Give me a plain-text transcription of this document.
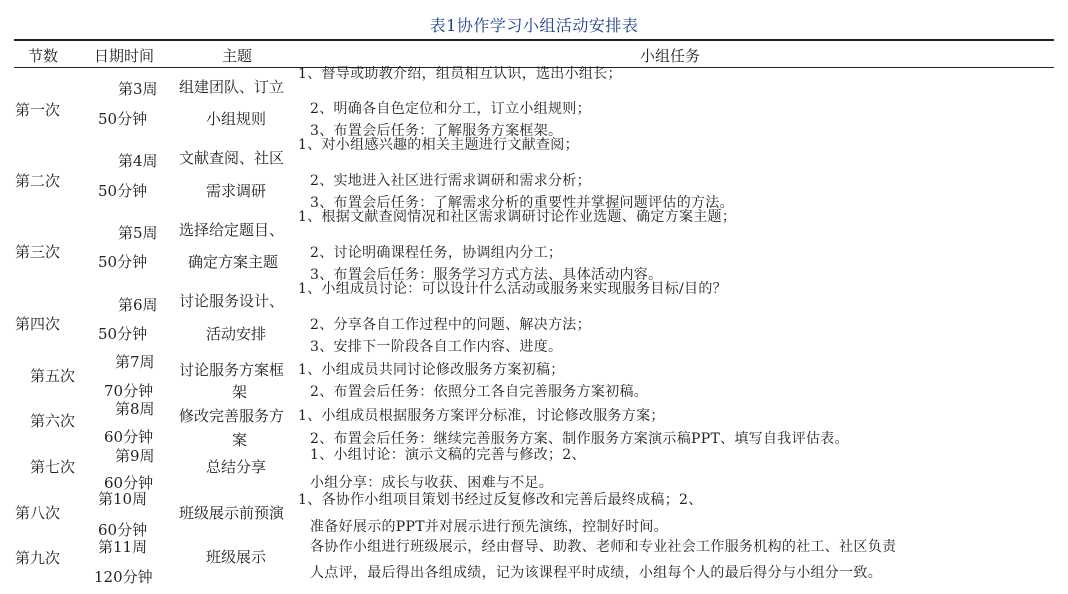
表1协作学习小组活动安排表
节数 日期时间	主题	小组任务
第一次
第3周
50分钟
组建团队、订立
小组规则
1、督导或助教介绍，组员相互认识，选出小组长；
2、明确各自色定位和分工，订立小组规则；
3、布置会后任务：了解服务方案框架。
第二次
第4周
50分钟
文献查阅、社区
需求调研
1、对小组感兴趣的相关主题进行文献查阅；
2、实地进入社区进行需求调研和需求分析；
3、布置会后任务：了解需求分析的重要性并掌握问题评估的方法。
第三次
第5周
50分钟
选择给定题目、
确定方案主题
1、根据文献查阅情况和社区需求调研讨论作业选题、确定方案主题；
2、讨论明确课程任务，协调组内分工；
3、布置会后任务：服务学习方式方法、具体活动内容。
第四次
第6周
50分钟
讨论服务设计、
活动安排
1、小组成员讨论：可以设计什么活动或服务来实现服务目标/目的？
2、分享各自工作过程中的问题、解决方法；
3、安排下一阶段各自工作内容、进度。
第五次
第7周
70分钟
讨论服务方案框
架
1、小组成员共同讨论修改服务方案初稿；
2、布置会后任务：依照分工各自完善服务方案初稿。
第六次
第8周
60分钟
修改完善服务方
案
1、小组成员根据服务方案评分标准，讨论修改服务方案；
2、布置会后任务：继续完善服务方案、制作服务方案演示稿PPT、填写自我评估表。
第七次
第9周
60分钟
总结分享
1、小组讨论：演示文稿的完善与修改；2、
小组分享：成长与收获、困难与不足。
第八次
第10周
60分钟
班级展示前预演
1、各协作小组项目策划书经过反复修改和完善后最终成稿；2、
准备好展示的PPT并对展示进行预先演练，控制好时间。
第九次
第11周
120分钟
班级展示
各协作小组进行班级展示，经由督导、助教、老师和专业社会工作服务机构的社工、社区负责
人点评，最后得出各组成绩，记为该课程平时成绩，小组每个人的最后得分与小组分一致。
